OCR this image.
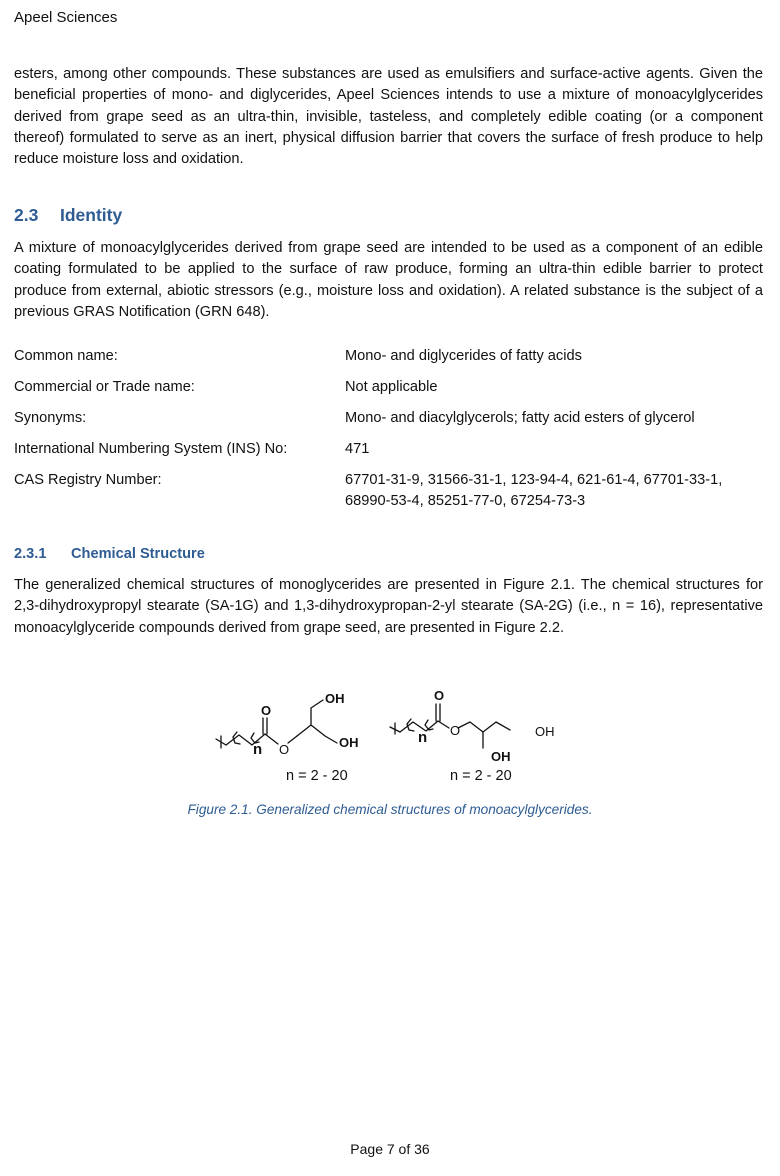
Apeel Sciences

esters, among other compounds. These substances are used as emulsifiers and surface-active agents. Given the beneficial properties of mono- and diglycerides, Apeel Sciences intends to use a mixture of monoacylglycerides derived from grape seed as an ultra-thin, invisible, tasteless, and completely edible coating (or a component thereof) formulated to serve as an inert, physical diffusion barrier that covers the surface of fresh produce to help reduce moisture loss and oxidation.

2.3 Identity

A mixture of monoacylglycerides derived from grape seed are intended to be used as a component of an edible coating formulated to be applied to the surface of raw produce, forming an ultra-thin edible barrier to protect produce from external, abiotic stressors (e.g., moisture loss and oxidation). A related substance is the subject of a previous GRAS Notification (GRN 648).

Common name:	Mono- and diglycerides of fatty acids
Commercial or Trade name:	Not applicable
Synonyms:	Mono- and diacylglycerols; fatty acid esters of glycerol
International Numbering System (INS) No:	471
CAS Registry Number:	67701-31-9, 31566-31-1, 123-94-4, 621-61-4, 67701-33-1, 68990-53-4, 85251-77-0, 67254-73-3
2.3.1 Chemical Structure

The generalized chemical structures of monoglycerides are presented in Figure 2.1. The chemical structures for 2,3-dihydroxypropyl stearate (SA-1G) and 1,3-dihydroxypropan-2-yl stearate (SA-2G) (i.e., n = 16), representative monoacylglyceride compounds derived from grape seed, are presented in Figure 2.2.

O
O
OH
OH
n
n = 2 - 20
O
O	OH
OH
n
n = 2 - 20
Figure 2.1. Generalized chemical structures of monoacylglycerides.
Page 7 of 36
